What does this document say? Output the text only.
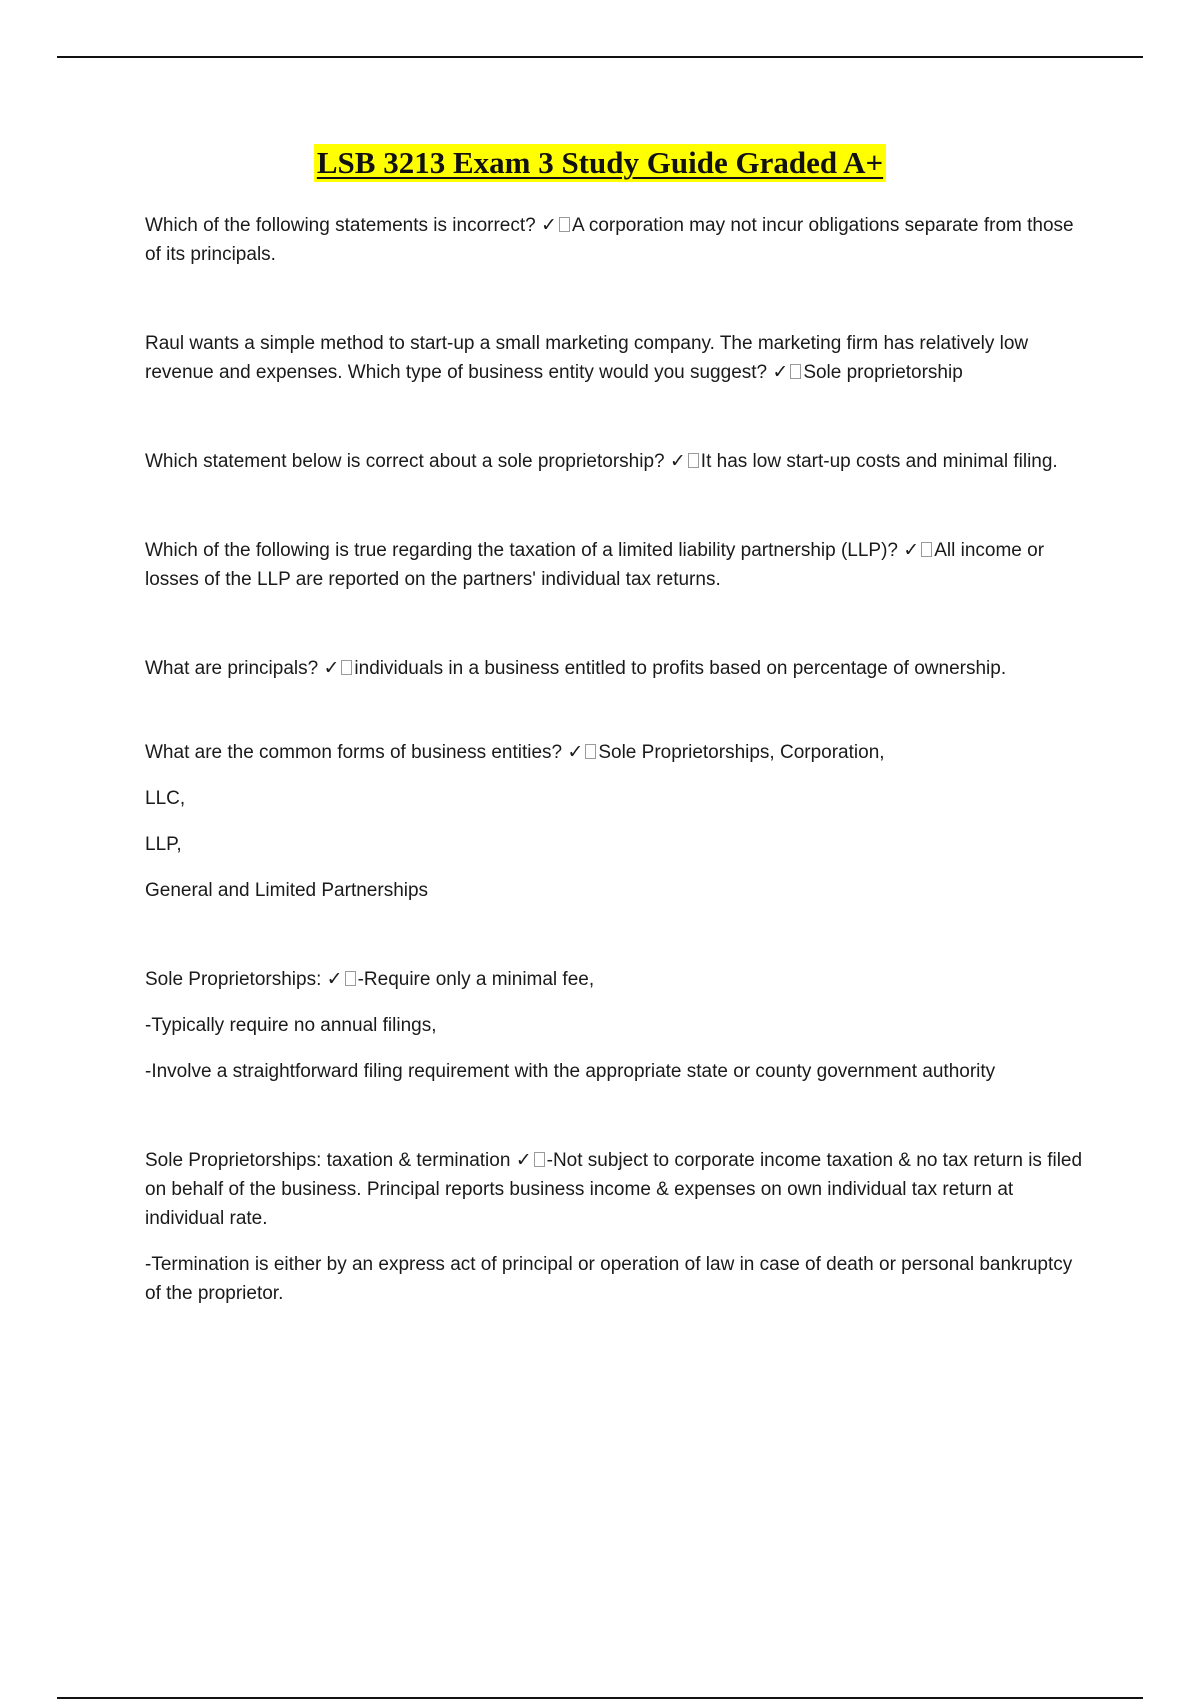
LSB 3213 Exam 3 Study Guide Graded A+

Which of the following statements is incorrect? ✓ A corporation may not incur obligations separate from those of its principals.

Raul wants a simple method to start-up a small marketing company. The marketing firm has relatively low revenue and expenses. Which type of business entity would you suggest? ✓ Sole proprietorship

Which statement below is correct about a sole proprietorship? ✓ It has low start-up costs and minimal filing.

Which of the following is true regarding the taxation of a limited liability partnership (LLP)? ✓ All income or losses of the LLP are reported on the partners' individual tax returns.

What are principals? ✓ individuals in a business entitled to profits based on percentage of ownership.

What are the common forms of business entities? ✓ Sole Proprietorships, Corporation,

LLC,

LLP,

General and Limited Partnerships

Sole Proprietorships: ✓ -Require only a minimal fee,

-Typically require no annual filings,

-Involve a straightforward filing requirement with the appropriate state or county government authority

Sole Proprietorships: taxation & termination ✓ -Not subject to corporate income taxation & no tax return is filed on behalf of the business. Principal reports business income & expenses on own individual tax return at individual rate.

-Termination is either by an express act of principal or operation of law in case of death or personal bankruptcy of the proprietor.
